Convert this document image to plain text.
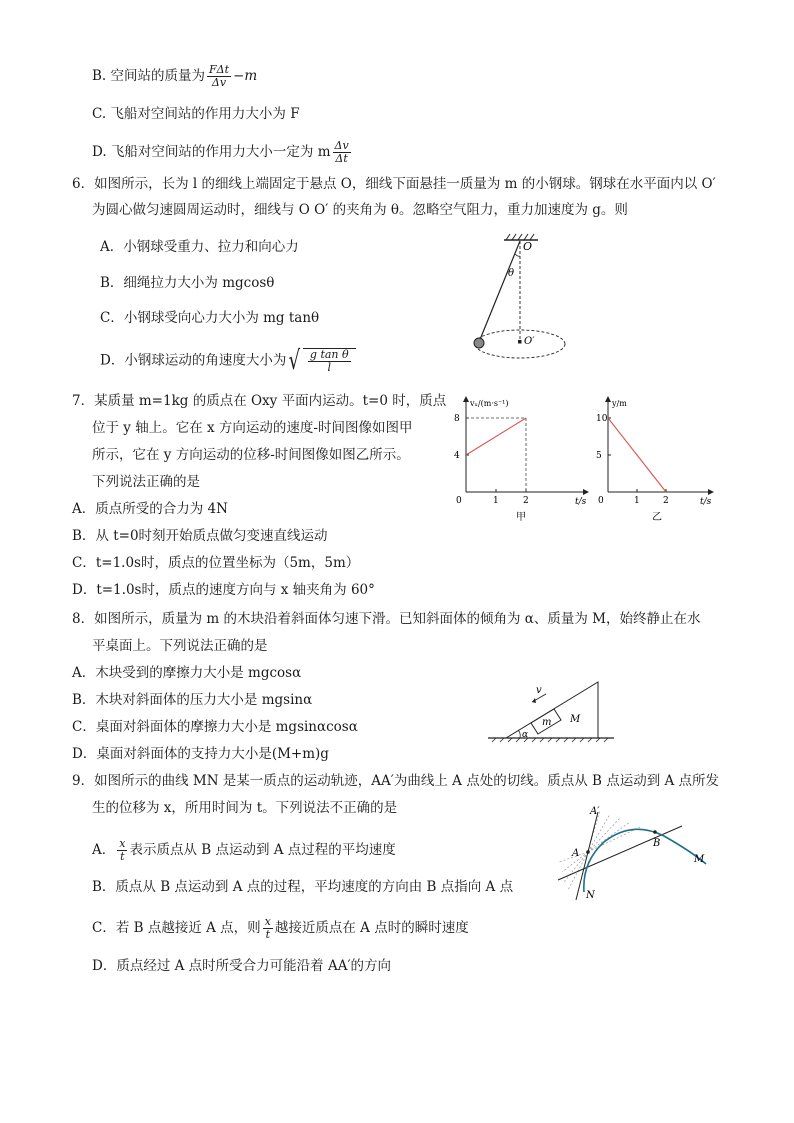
B. 空间站的质量为 $\frac{\text{FΔt}}{\Delta v} -m$
C. 飞船对空间站的作用力大小为 F
D. 飞船对空间站的作用力大小一定为 m $\frac{\Delta v}{\Delta t}$
6．如图所示，长为 l 的细线上端固定于悬点 O，细线下面悬挂一质量为 m 的小钢球。钢球在水平面内以 O′
为圆心做匀速圆周运动时，细线与 O O′ 的夹角为 θ。忽略空气阻力，重力加速度为 g。则
A．小钢球受重力、拉力和向心力
B．细绳拉力大小为 mgcosθ
C．小钢球受向心力大小为 mg tanθ
D．小钢球运动的角速度大小为√ $\frac{\text{g tan θ}}{l}$
O
θ
O′
7．某质量 m=1kg 的质点在 Oxy 平面内运动。t=0 时，质点
位于 y 轴上。它在 x 方向运动的速度-时间图像如图甲
所示，它在 y 方向运动的位移-时间图像如图乙所示。
下列说法正确的是
A．质点所受的合力为 4N
B．从 t=0时刻开始质点做匀变速直线运动
C．t=1.0s时，质点的位置坐标为（5m，5m）
D．t=1.0s时，质点的速度方向与 x 轴夹角为 60°
0	1	2
4
8
vₓ/(m·s⁻¹)
t/s
甲
0	1	2
5
10
y/m
t/s
乙
8．如图所示，质量为 m 的木块沿着斜面体匀速下滑。已知斜面体的倾角为 α、质量为 M，始终静止在水
平桌面上。下列说法正确的是
A．木块受到的摩擦力大小是 mgcosα
B．木块对斜面体的压力大小是 mgsinα
C．桌面对斜面体的摩擦力大小是 mgsinαcosα
D．桌面对斜面体的支持力大小是(M+m)g
v
m M
α
9．如图所示的曲线 MN 是某一质点的运动轨迹，AA′为曲线上 A 点处的切线。质点从 B 点运动到 A 点所发
生的位移为 x，所用时间为 t。下列说法不正确的是
A． $\frac{x}{t}$ 表示质点从 B 点运动到 A 点过程的平均速度
B．质点从 B 点运动到 A 点的过程，平均速度的方向由 B 点指向 A 点
C．若 B 点越接近 A 点，则 $\frac{x}{t}$ 越接近质点在 A 点时的瞬时速度
D．质点经过 A 点时所受合力可能沿着 AA′的方向
A′
A
B
M
N
